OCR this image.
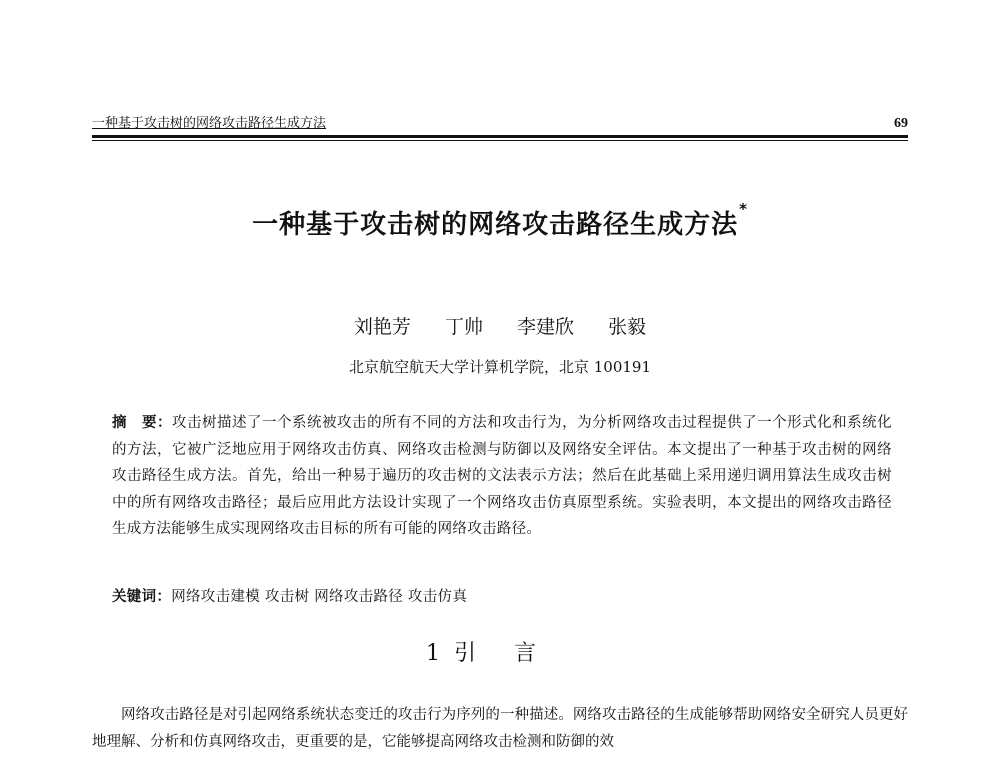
一种基于攻击树的网络攻击路径生成方法	69
一种基于攻击树的网络攻击路径生成方法*
刘艳芳 丁帅 李建欣 张毅
北京航空航天大学计算机学院，北京 100191
摘　要：攻击树描述了一个系统被攻击的所有不同的方法和攻击行为，为分析网络攻击过程提供了一个形式化和系统化的方法，它被广泛地应用于网络攻击仿真、网络攻击检测与防御以及网络安全评估。本文提出了一种基于攻击树的网络攻击路径生成方法。首先，给出一种易于遍历的攻击树的文法表示方法；然后在此基础上采用递归调用算法生成攻击树中的所有网络攻击路径；最后应用此方法设计实现了一个网络攻击仿真原型系统。实验表明，本文提出的网络攻击路径生成方法能够生成实现网络攻击目标的所有可能的网络攻击路径。
关键词：网络攻击建模 攻击树 网络攻击路径 攻击仿真
1 引言
网络攻击路径是对引起网络系统状态变迁的攻击行为序列的一种描述。网络攻击路径的生成能够帮助网络安全研究人员更好地理解、分析和仿真网络攻击，更重要的是，它能够提高网络攻击检测和防御的效
